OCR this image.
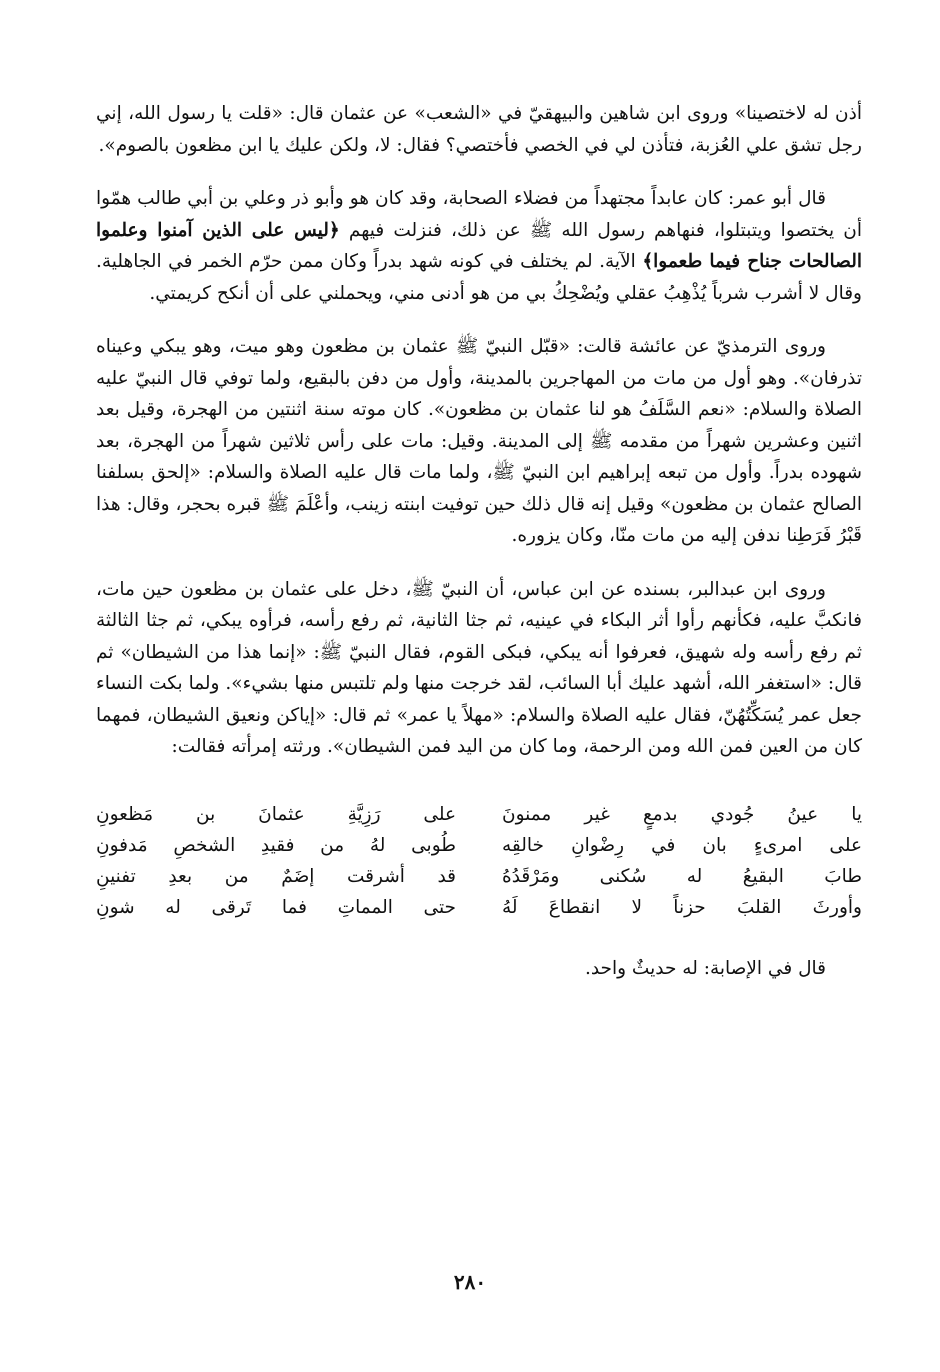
أذن له لاختصينا» وروى ابن شاهين والبيهقيّ في «الشعب» عن عثمان قال: «قلت يا رسول الله، إني رجل تشق علي العُزبة، فتأذن لي في الخصي فأختصي؟ فقال: لا، ولكن عليك يا ابن مظعون بالصوم».

قال أبو عمر: كان عابداً مجتهداً من فضلاء الصحابة، وقد كان هو وأبو ذر وعلي بن أبي طالب همّوا أن يختصوا ويتبتلوا، فنهاهم رسول الله ﷺ عن ذلك، فنزلت فيهم ﴿ليس على الذين آمنوا وعلموا الصالحات جناح فيما طعموا﴾ الآية. لم يختلف في كونه شهد بدراً وكان ممن حرّم الخمر في الجاهلية. وقال لا أشرب شرباً يُذْهِبُ عقلي ويُضْحِكُ بي من هو أدنى مني، ويحملني على أن أنكح كريمتي.

وروى الترمذيّ عن عائشة قالت: «قبّل النبيّ ﷺ عثمان بن مظعون وهو ميت، وهو يبكي وعيناه تذرفان». وهو أول من مات من المهاجرين بالمدينة، وأول من دفن بالبقيع، ولما توفي قال النبيّ عليه الصلاة والسلام: «نعم السَّلَفُ هو لنا عثمان بن مظعون». كان موته سنة اثنتين من الهجرة، وقيل بعد اثنين وعشرين شهراً من مقدمه ﷺ إلى المدينة. وقيل: مات على رأس ثلاثين شهراً من الهجرة، بعد شهوده بدراً. وأول من تبعه إبراهيم ابن النبيّ ﷺ، ولما مات قال عليه الصلاة والسلام: «إلحق بسلفنا الصالح عثمان بن مظعون» وقيل إنه قال ذلك حين توفيت ابنته زينب، وأعْلَمَ ﷺ قبره بحجر، وقال: هذا قَبْرُ فَرَطِنا ندفن إليه من مات منّا، وكان يزوره.

وروى ابن عبدالبر، بسنده عن ابن عباس، أن النبيّ ﷺ، دخل على عثمان بن مظعون حين مات، فانكبَّ عليه، فكأنهم رأوا أثر البكاء في عينيه، ثم جثا الثانية، ثم رفع رأسه، فرأوه يبكي، ثم جثا الثالثة ثم رفع رأسه وله شهيق، فعرفوا أنه يبكي، فبكى القوم، فقال النبيّ ﷺ: «إنما هذا من الشيطان» ثم قال: «استغفر الله، أشهد عليك أبا السائب، لقد خرجت منها ولم تلتبس منها بشيء». ولما بكت النساء جعل عمر يُسَكِّتُهُنّ، فقال عليه الصلاة والسلام: «مهلاً يا عمر» ثم قال: «إياكن ونعيق الشيطان، فمهما كان من العين فمن الله ومن الرحمة، وما كان من اليد فمن الشيطان». ورثته إمرأته فقالت:

يا عينُ جُودي بدمعٍ غير ممنونَ
على امرىءٍ بان في رِضْوانِ خالقِه
طابَ البقيعُ له سُكنى ومَرْقَدُهُ
وأورثَ القلبَ حزناً لا انقطاعَ لَهُ
على رَزِيَّةِ عثمانَ بن مَظعونِ
طُوبى لهُ من فقيدِ الشخصِ مَدفونِ
قد أشرقت إضَمٌ من بعدِ تفنينِ
حتى المماتِ فما تَرقى له شونِ

قال في الإصابة: له حديثٌ واحد.

٢٨٠
